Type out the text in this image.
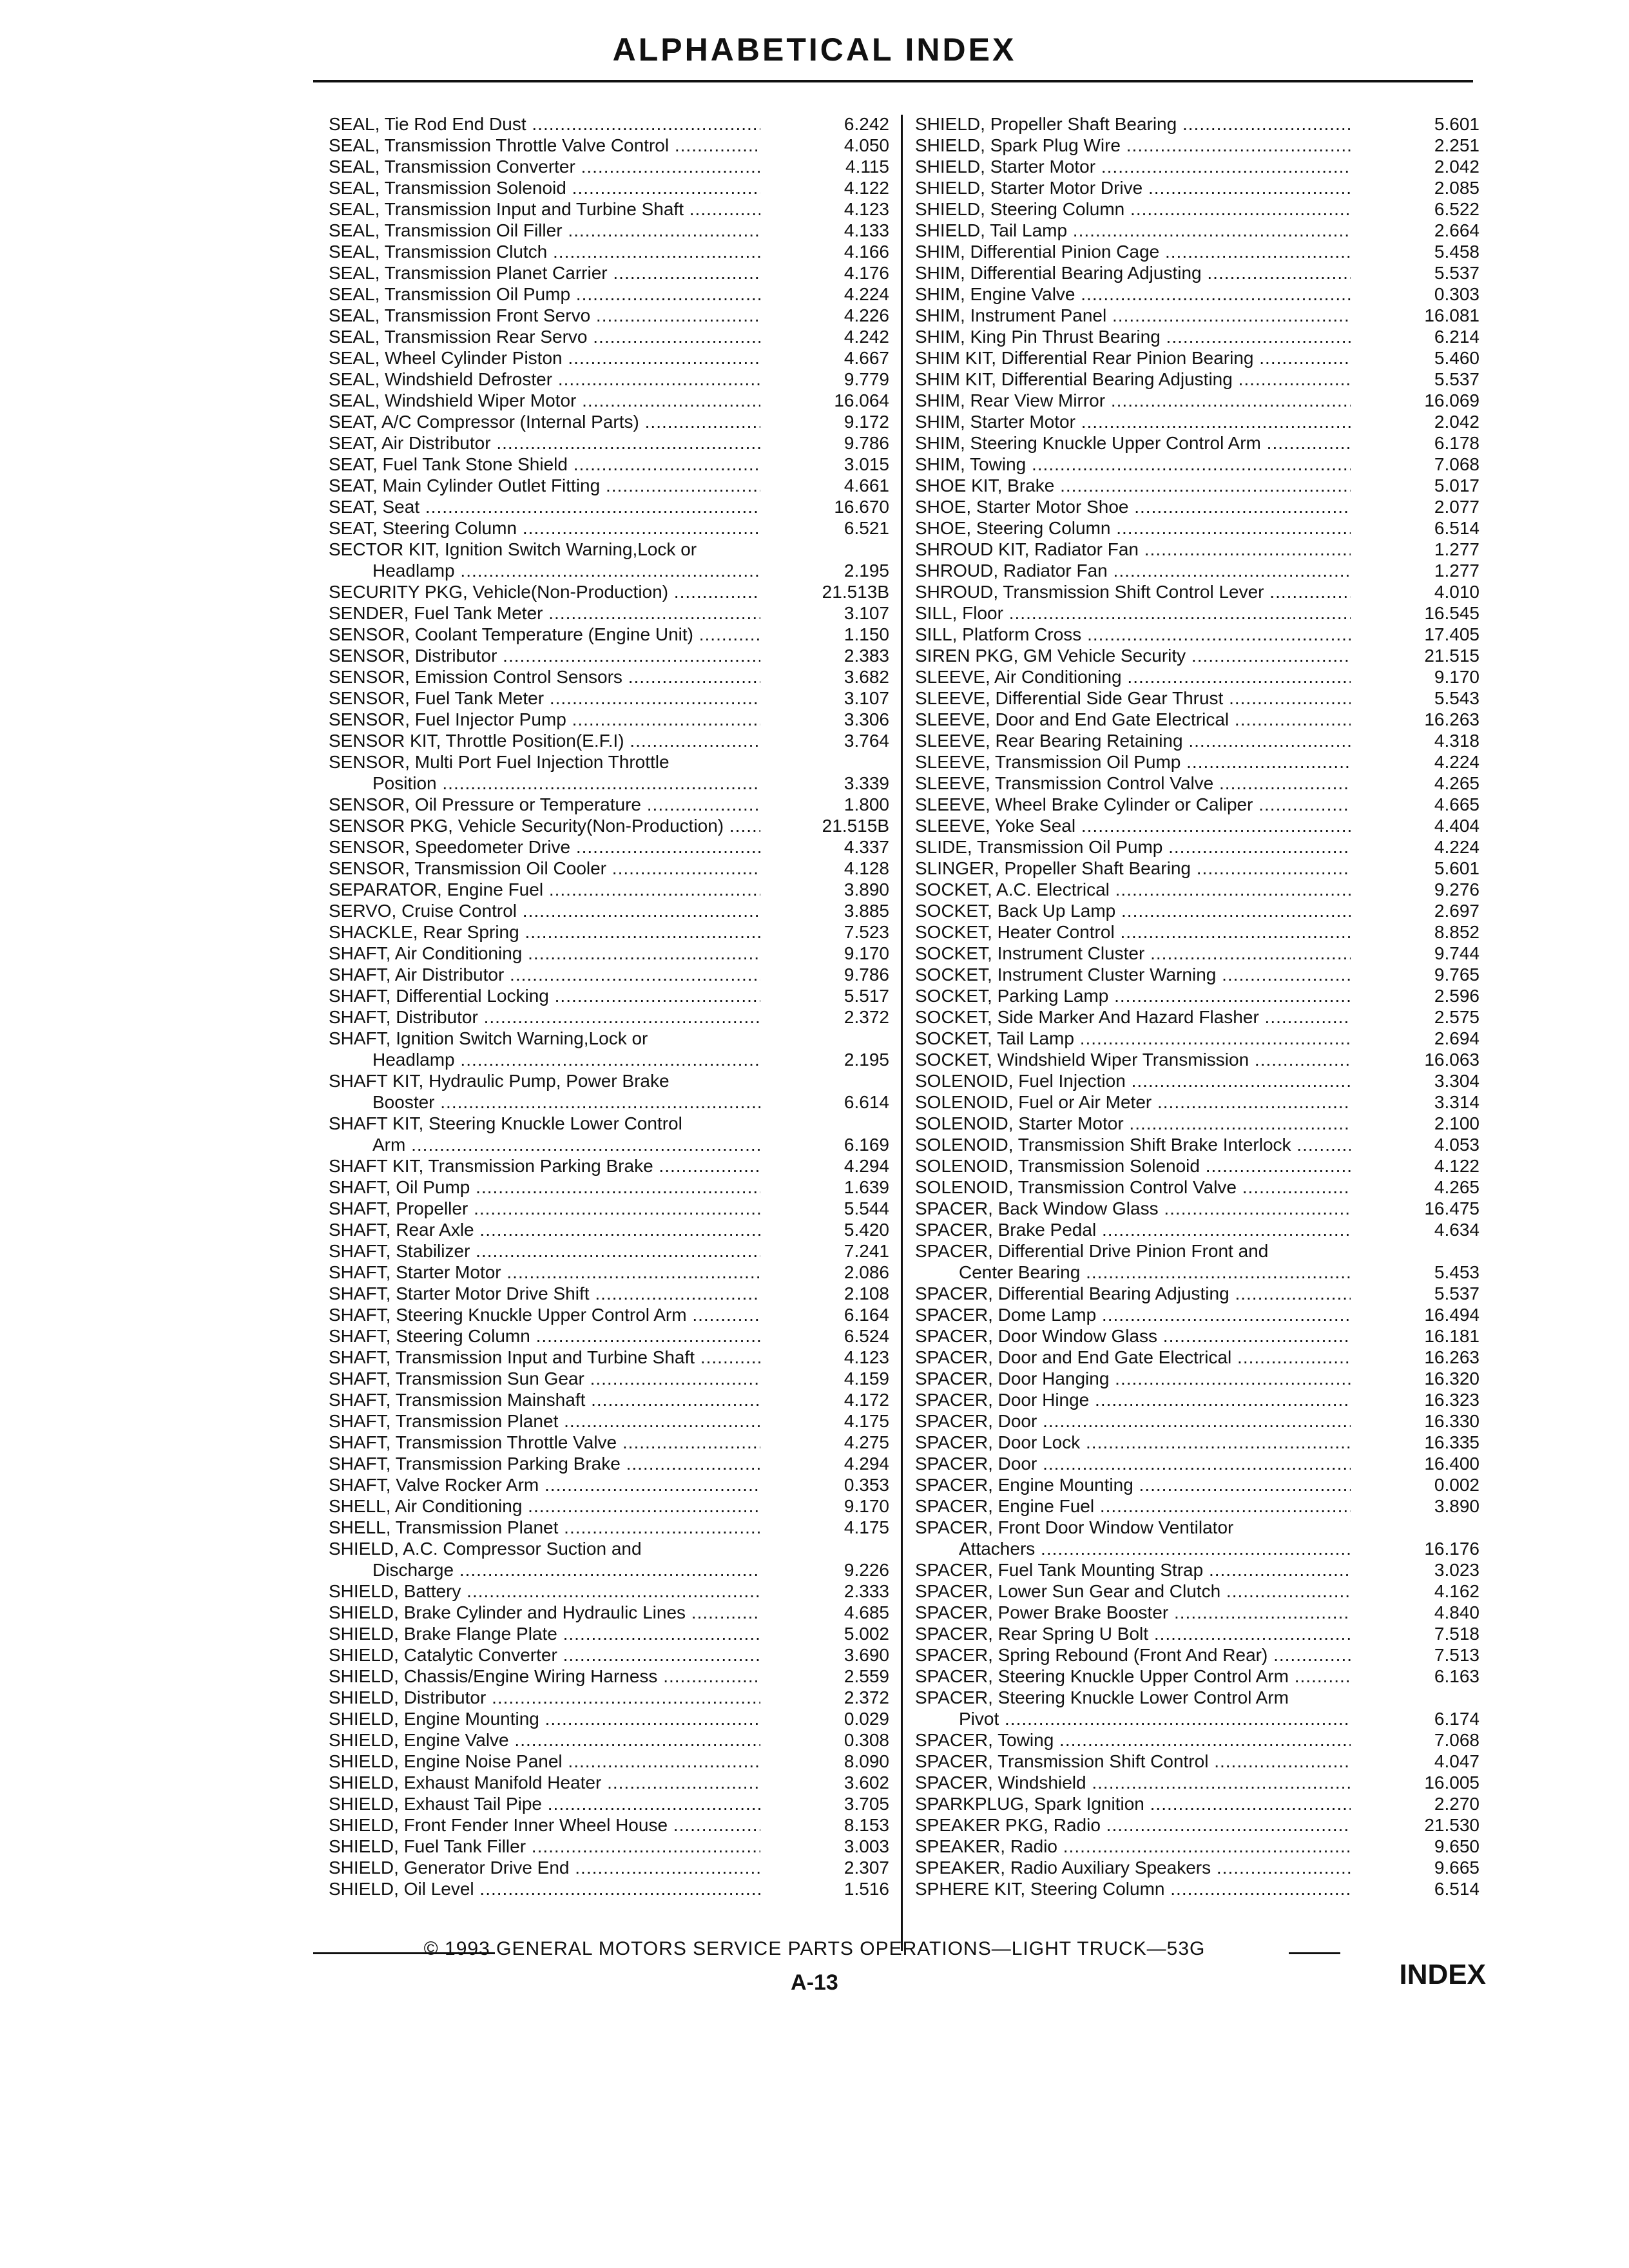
ALPHABETICAL INDEX
SEAL, Tie Rod End Dust .....	6.242
SEAL, Transmission Throttle Valve Control .....	4.050
SEAL, Transmission Converter .....	4.115
SEAL, Transmission Solenoid .....	4.122
SEAL, Transmission Input and Turbine Shaft .....	4.123
SEAL, Transmission Oil Filler .....	4.133
SEAL, Transmission Clutch .....	4.166
SEAL, Transmission Planet Carrier .....	4.176
SEAL, Transmission Oil Pump .....	4.224
SEAL, Transmission Front Servo .....	4.226
SEAL, Transmission Rear Servo .....	4.242
SEAL, Wheel Cylinder Piston .....	4.667
SEAL, Windshield Defroster .....	9.779
SEAL, Windshield Wiper Motor .....	16.064
SEAT, A/C Compressor (Internal Parts) .....	9.172
SEAT, Air Distributor .....	9.786
SEAT, Fuel Tank Stone Shield .....	3.015
SEAT, Main Cylinder Outlet Fitting .....	4.661
SEAT, Seat .....	16.670
SEAT, Steering Column .....	6.521
SECTOR KIT, Ignition Switch Warning,Lock or
Headlamp .....	2.195
SECURITY PKG, Vehicle(Non-Production) .....	21.513B
SENDER, Fuel Tank Meter .....	3.107
SENSOR, Coolant Temperature (Engine Unit) .....	1.150
SENSOR, Distributor .....	2.383
SENSOR, Emission Control Sensors .....	3.682
SENSOR, Fuel Tank Meter .....	3.107
SENSOR, Fuel Injector Pump .....	3.306
SENSOR KIT, Throttle Position(E.F.I) .....	3.764
SENSOR, Multi Port Fuel Injection Throttle
Position .....	3.339
SENSOR, Oil Pressure or Temperature .....	1.800
SENSOR PKG, Vehicle Security(Non-Production) .....	21.515B
SENSOR, Speedometer Drive .....	4.337
SENSOR, Transmission Oil Cooler .....	4.128
SEPARATOR, Engine Fuel .....	3.890
SERVO, Cruise Control .....	3.885
SHACKLE, Rear Spring .....	7.523
SHAFT, Air Conditioning .....	9.170
SHAFT, Air Distributor .....	9.786
SHAFT, Differential Locking .....	5.517
SHAFT, Distributor .....	2.372
SHAFT, Ignition Switch Warning,Lock or
Headlamp .....	2.195
SHAFT KIT, Hydraulic Pump, Power Brake
Booster .....	6.614
SHAFT KIT, Steering Knuckle Lower Control
Arm .....	6.169
SHAFT KIT, Transmission Parking Brake .....	4.294
SHAFT, Oil Pump .....	1.639
SHAFT, Propeller .....	5.544
SHAFT, Rear Axle .....	5.420
SHAFT, Stabilizer .....	7.241
SHAFT, Starter Motor .....	2.086
SHAFT, Starter Motor Drive Shift .....	2.108
SHAFT, Steering Knuckle Upper Control Arm .....	6.164
SHAFT, Steering Column .....	6.524
SHAFT, Transmission Input and Turbine Shaft .....	4.123
SHAFT, Transmission Sun Gear .....	4.159
SHAFT, Transmission Mainshaft .....	4.172
SHAFT, Transmission Planet .....	4.175
SHAFT, Transmission Throttle Valve .....	4.275
SHAFT, Transmission Parking Brake .....	4.294
SHAFT, Valve Rocker Arm .....	0.353
SHELL, Air Conditioning .....	9.170
SHELL, Transmission Planet .....	4.175
SHIELD, A.C. Compressor Suction and
Discharge .....	9.226
SHIELD, Battery .....	2.333
SHIELD, Brake Cylinder and Hydraulic Lines .....	4.685
SHIELD, Brake Flange Plate .....	5.002
SHIELD, Catalytic Converter .....	3.690
SHIELD, Chassis/Engine Wiring Harness .....	2.559
SHIELD, Distributor .....	2.372
SHIELD, Engine Mounting .....	0.029
SHIELD, Engine Valve .....	0.308
SHIELD, Engine Noise Panel .....	8.090
SHIELD, Exhaust Manifold Heater .....	3.602
SHIELD, Exhaust Tail Pipe .....	3.705
SHIELD, Front Fender Inner Wheel House .....	8.153
SHIELD, Fuel Tank Filler .....	3.003
SHIELD, Generator Drive End .....	2.307
SHIELD, Oil Level .....	1.516
SHIELD, Propeller Shaft Bearing .....	5.601
SHIELD, Spark Plug Wire .....	2.251
SHIELD, Starter Motor .....	2.042
SHIELD, Starter Motor Drive .....	2.085
SHIELD, Steering Column .....	6.522
SHIELD, Tail Lamp .....	2.664
SHIM, Differential Pinion Cage .....	5.458
SHIM, Differential Bearing Adjusting .....	5.537
SHIM, Engine Valve .....	0.303
SHIM, Instrument Panel .....	16.081
SHIM, King Pin Thrust Bearing .....	6.214
SHIM KIT, Differential Rear Pinion Bearing .....	5.460
SHIM KIT, Differential Bearing Adjusting .....	5.537
SHIM, Rear View Mirror .....	16.069
SHIM, Starter Motor .....	2.042
SHIM, Steering Knuckle Upper Control Arm .....	6.178
SHIM, Towing .....	7.068
SHOE KIT, Brake .....	5.017
SHOE, Starter Motor Shoe .....	2.077
SHOE, Steering Column .....	6.514
SHROUD KIT, Radiator Fan .....	1.277
SHROUD, Radiator Fan .....	1.277
SHROUD, Transmission Shift Control Lever .....	4.010
SILL, Floor .....	16.545
SILL, Platform Cross .....	17.405
SIREN PKG, GM Vehicle Security .....	21.515
SLEEVE, Air Conditioning .....	9.170
SLEEVE, Differential Side Gear Thrust .....	5.543
SLEEVE, Door and End Gate Electrical .....	16.263
SLEEVE, Rear Bearing Retaining .....	4.318
SLEEVE, Transmission Oil Pump .....	4.224
SLEEVE, Transmission Control Valve .....	4.265
SLEEVE, Wheel Brake Cylinder or Caliper .....	4.665
SLEEVE, Yoke Seal .....	4.404
SLIDE, Transmission Oil Pump .....	4.224
SLINGER, Propeller Shaft Bearing .....	5.601
SOCKET, A.C. Electrical .....	9.276
SOCKET, Back Up Lamp .....	2.697
SOCKET, Heater Control .....	8.852
SOCKET, Instrument Cluster .....	9.744
SOCKET, Instrument Cluster Warning .....	9.765
SOCKET, Parking Lamp .....	2.596
SOCKET, Side Marker And Hazard Flasher .....	2.575
SOCKET, Tail Lamp .....	2.694
SOCKET, Windshield Wiper Transmission .....	16.063
SOLENOID, Fuel Injection .....	3.304
SOLENOID, Fuel or Air Meter .....	3.314
SOLENOID, Starter Motor .....	2.100
SOLENOID, Transmission Shift Brake Interlock .....	4.053
SOLENOID, Transmission Solenoid .....	4.122
SOLENOID, Transmission Control Valve .....	4.265
SPACER, Back Window Glass .....	16.475
SPACER, Brake Pedal .....	4.634
SPACER, Differential Drive Pinion Front and
Center Bearing .....	5.453
SPACER, Differential Bearing Adjusting .....	5.537
SPACER, Dome Lamp .....	16.494
SPACER, Door Window Glass .....	16.181
SPACER, Door and End Gate Electrical .....	16.263
SPACER, Door Hanging .....	16.320
SPACER, Door Hinge .....	16.323
SPACER, Door .....	16.330
SPACER, Door Lock .....	16.335
SPACER, Door .....	16.400
SPACER, Engine Mounting .....	0.002
SPACER, Engine Fuel .....	3.890
SPACER, Front Door Window Ventilator
Attachers .....	16.176
SPACER, Fuel Tank Mounting Strap .....	3.023
SPACER, Lower Sun Gear and Clutch .....	4.162
SPACER, Power Brake Booster .....	4.840
SPACER, Rear Spring U Bolt .....	7.518
SPACER, Spring Rebound (Front And Rear) .....	7.513
SPACER, Steering Knuckle Upper Control Arm .....	6.163
SPACER, Steering Knuckle Lower Control Arm
Pivot .....	6.174
SPACER, Towing .....	7.068
SPACER, Transmission Shift Control .....	4.047
SPACER, Windshield .....	16.005
SPARKPLUG, Spark Ignition .....	2.270
SPEAKER PKG, Radio .....	21.530
SPEAKER, Radio .....	9.650
SPEAKER, Radio Auxiliary Speakers .....	9.665
SPHERE KIT, Steering Column .....	6.514
© 1993 GENERAL MOTORS SERVICE PARTS OPERATIONS—LIGHT TRUCK—53G
A-13	INDEX
